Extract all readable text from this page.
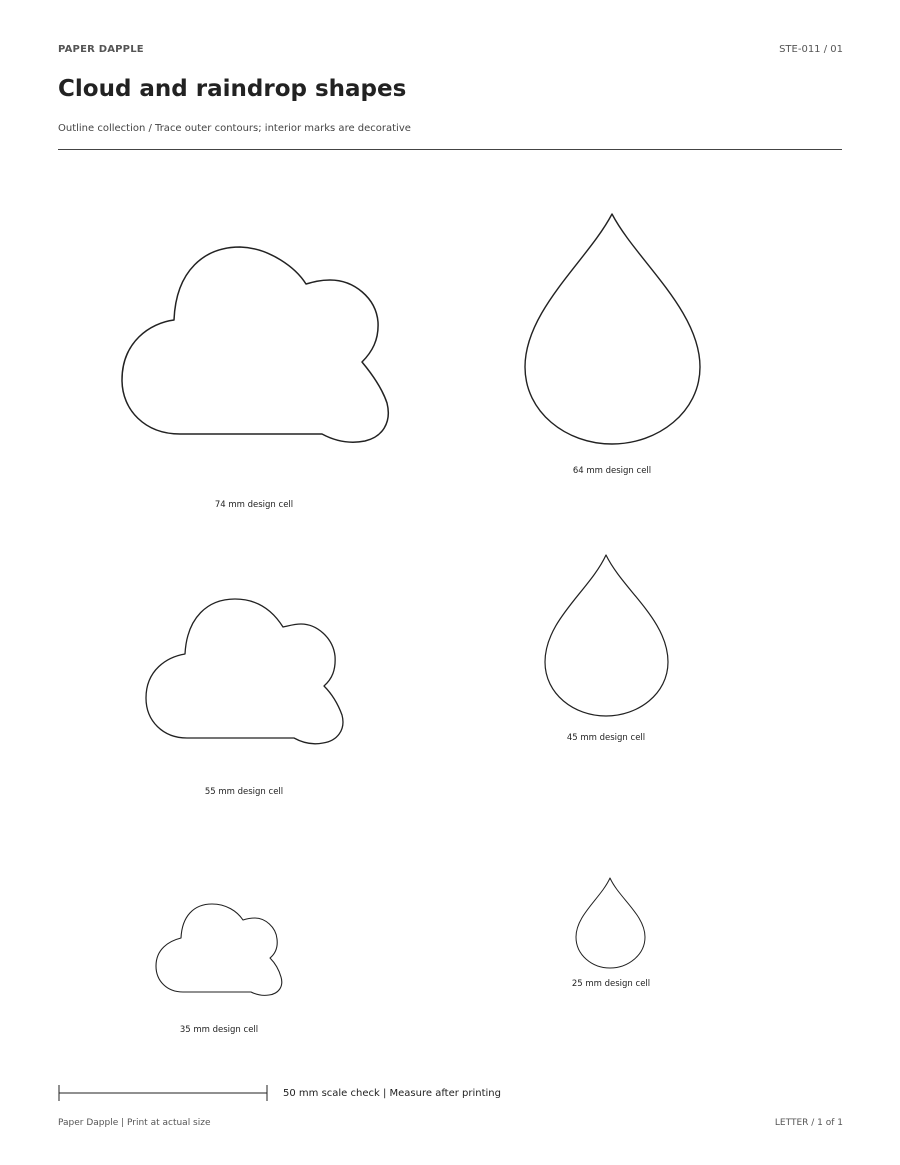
PAPER DAPPLE	STE-011 / 01
Cloud and raindrop shapes
Outline collection / Trace outer contours; interior marks are decorative
74 mm design cell
64 mm design cell
55 mm design cell
45 mm design cell
35 mm design cell
25 mm design cell
50 mm scale check | Measure after printing
Paper Dapple | Print at actual size	LETTER / 1 of 1
